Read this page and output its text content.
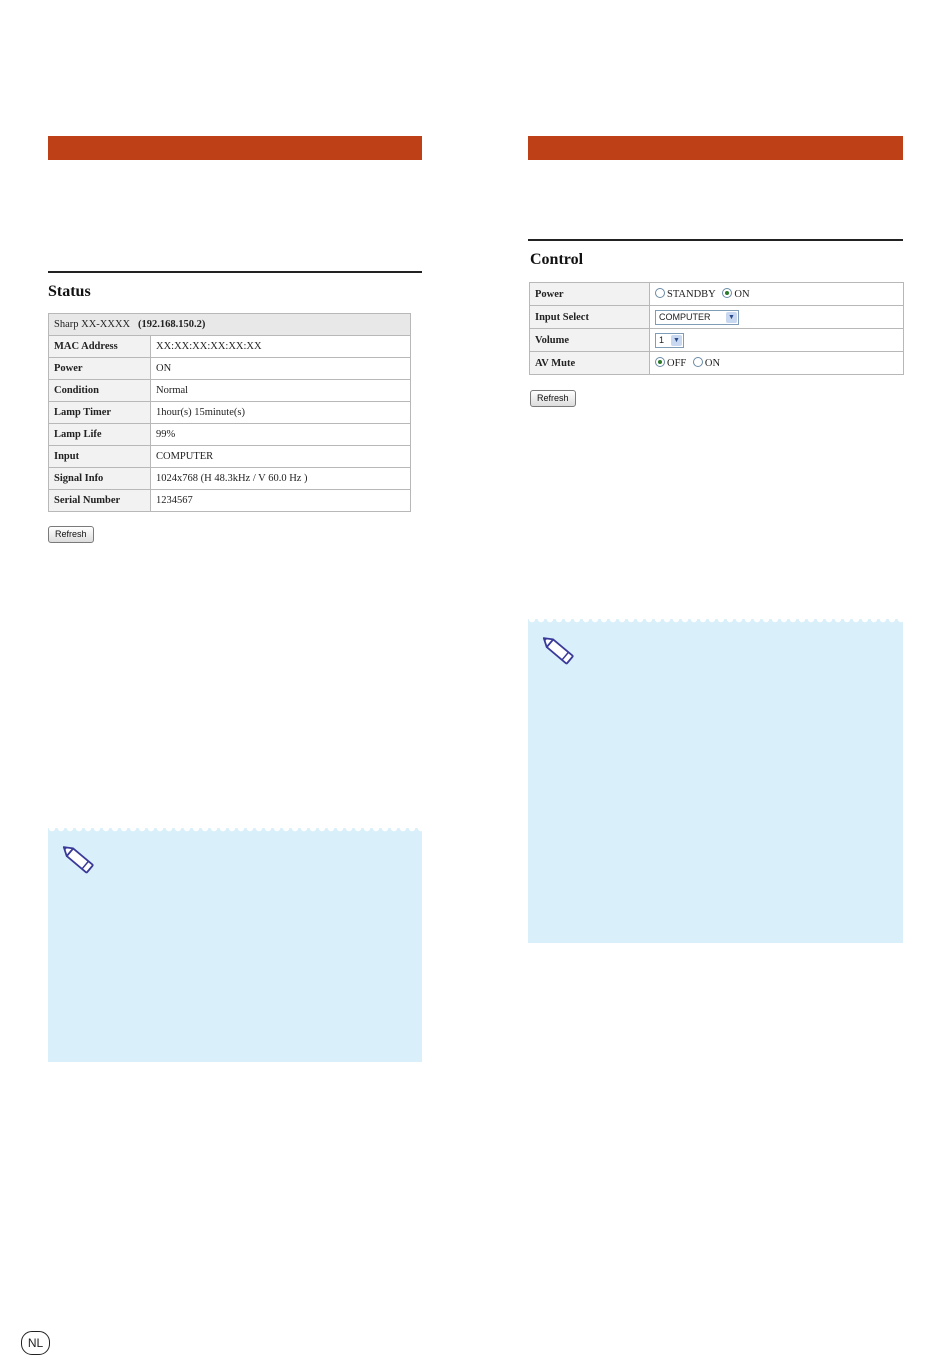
Status
Sharp XX-XXXX (192.168.150.2)	
MAC Address	XX:XX:XX:XX:XX:XX
Power	ON
Condition	Normal
Lamp Timer	1hour(s) 15minute(s)
Lamp Life	99%
Input	COMPUTER
Signal Info	1024x768 (H 48.3kHz / V 60.0 Hz )
Serial Number	1234567
Refresh
Control
Power	STANDBY ON
Input Select	COMPUTER ▼

Volume	1 ▼

AV Mute	OFF ON
Refresh
NL
